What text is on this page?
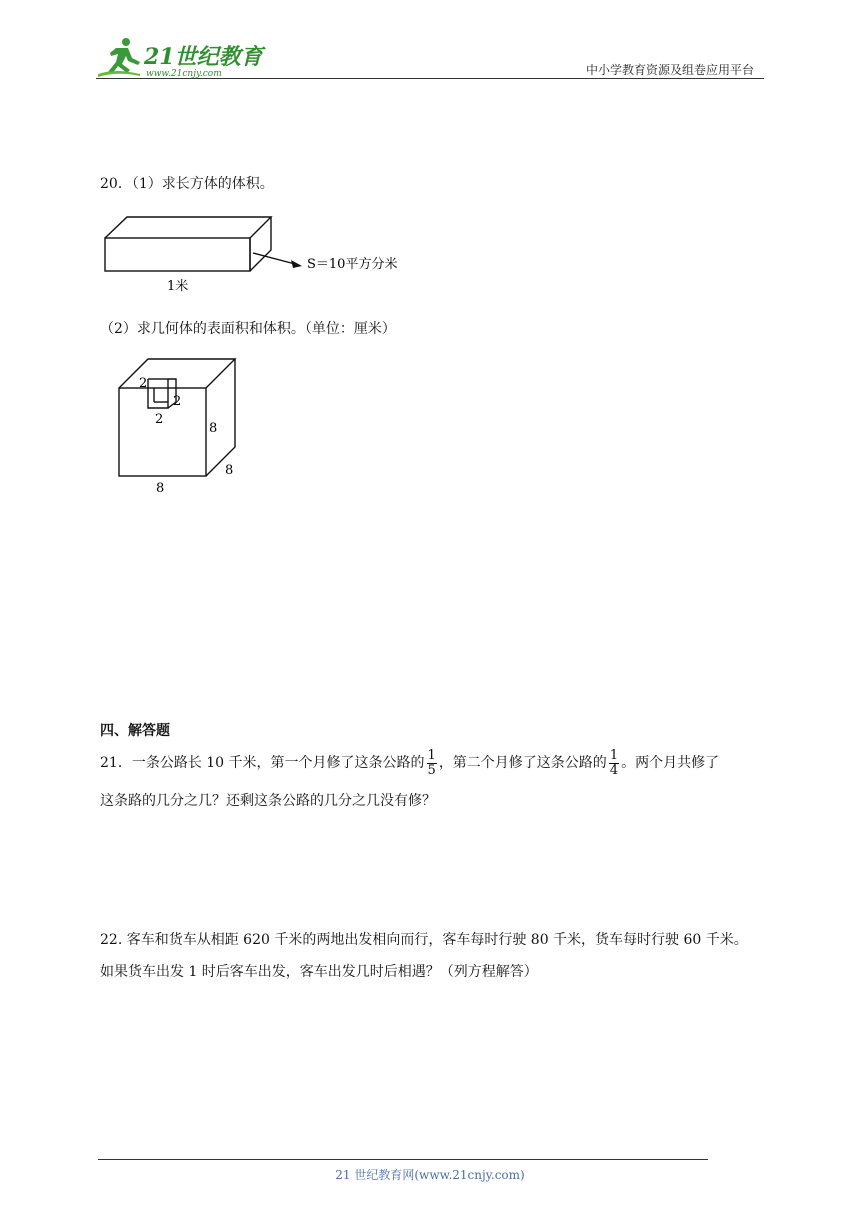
21世纪教育
www.21cnjy.com	中小学教育资源及组卷应用平台
20．（1）求长方体的体积。
S＝10平方分米
1米
（2）求几何体的表面积和体积。（单位：厘米）
2
2
2
8
8
8
四、解答题
21．一条公路长 10 千米，第一个月修了这条公路的 $\frac{1}{5}$ ，第二个月修了这条公路的 $\frac{1}{4}$ 。两个月共修了
这条路的几分之几？还剩这条公路的几分之几没有修？
22. 客车和货车从相距 620 千米的两地出发相向而行，客车每时行驶 80 千米，货车每时行驶 60 千米。
如果货车出发 1 时后客车出发，客车出发几时后相遇？（列方程解答）
21 世纪教育网(www.21cnjy.com)
